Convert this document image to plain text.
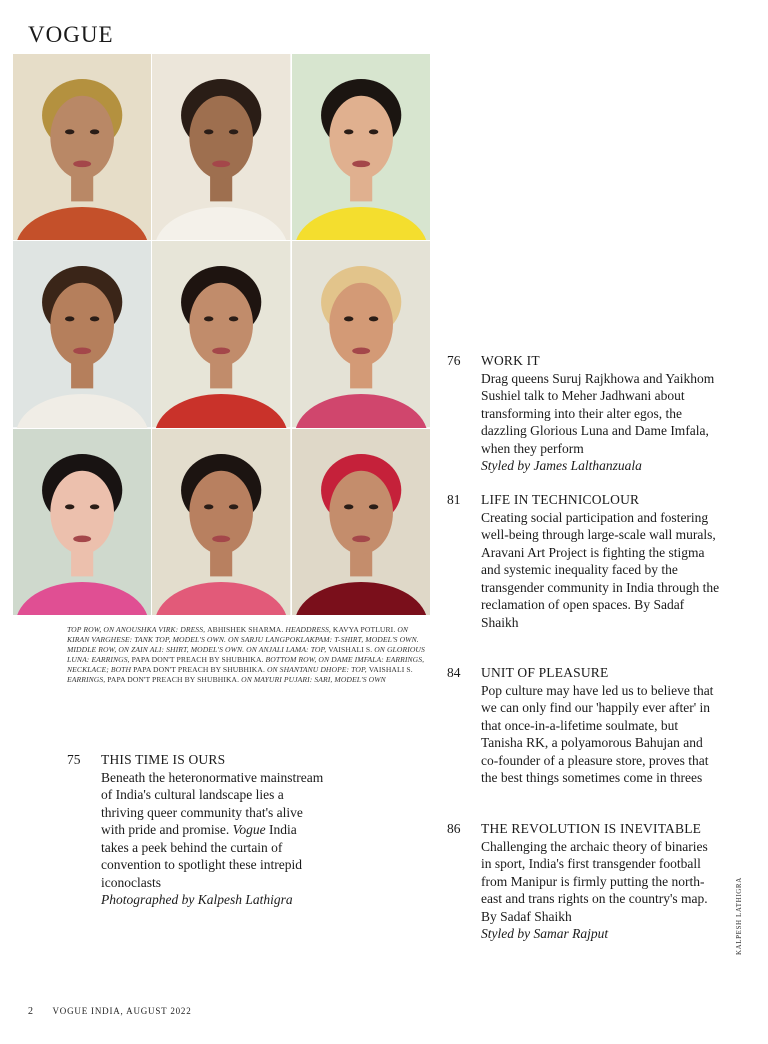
VOGUE

TOP ROW, ON ANOUSHKA VIRK: DRESS, ABHISHEK SHARMA. HEADDRESS, KAVYA POTLURI. ON KIRAN VARGHESE: TANK TOP, MODEL'S OWN. ON SARJU LANGPOKLAKPAM: T-SHIRT, MODEL'S OWN. MIDDLE ROW, ON ZAIN ALI: SHIRT, MODEL'S OWN. ON ANJALI LAMA: TOP, VAISHALI S. ON GLORIOUS LUNA: EARRINGS, PAPA DON'T PREACH BY SHUBHIKA. BOTTOM ROW, ON DAME IMFALA: EARRINGS, NECKLACE; BOTH PAPA DON'T PREACH BY SHUBHIKA. ON SHANTANU DHOPE: TOP, VAISHALI S. EARRINGS, PAPA DON'T PREACH BY SHUBHIKA. ON MAYURI PUJARI: SARI, MODEL'S OWN

75 THIS TIME IS OURS

Beneath the heteronormative mainstream of India's cultural landscape lies a thriving queer community that's alive with pride and promise. Vogue India takes a peek behind the curtain of convention to spotlight these intrepid iconoclasts

Photographed by Kalpesh Lathigra

76 WORK IT

Drag queens Suruj Rajkhowa and Yaikhom Sushiel talk to Meher Jadhwani about transforming into their alter egos, the dazzling Glorious Luna and Dame Imfala, when they perform

Styled by James Lalthanzuala

81 LIFE IN TECHNICOLOUR

Creating social participation and fostering well-being through large-scale wall murals, Aravani Art Project is fighting the stigma and systemic inequality faced by the transgender community in India through the reclamation of open spaces. By Sadaf Shaikh

84 UNIT OF PLEASURE

Pop culture may have led us to believe that we can only find our 'happily ever after' in that once-in-a-lifetime soulmate, but Tanisha RK, a polyamorous Bahujan and co-founder of a pleasure store, proves that the best things sometimes come in threes

86 THE REVOLUTION IS INEVITABLE

Challenging the archaic theory of binaries in sport, India's first transgender football from Manipur is firmly putting the north-east and trans rights on the country's map. By Sadaf Shaikh

Styled by Samar Rajput	KALPESH LATHIGRA
2 VOGUE INDIA, AUGUST 2022
